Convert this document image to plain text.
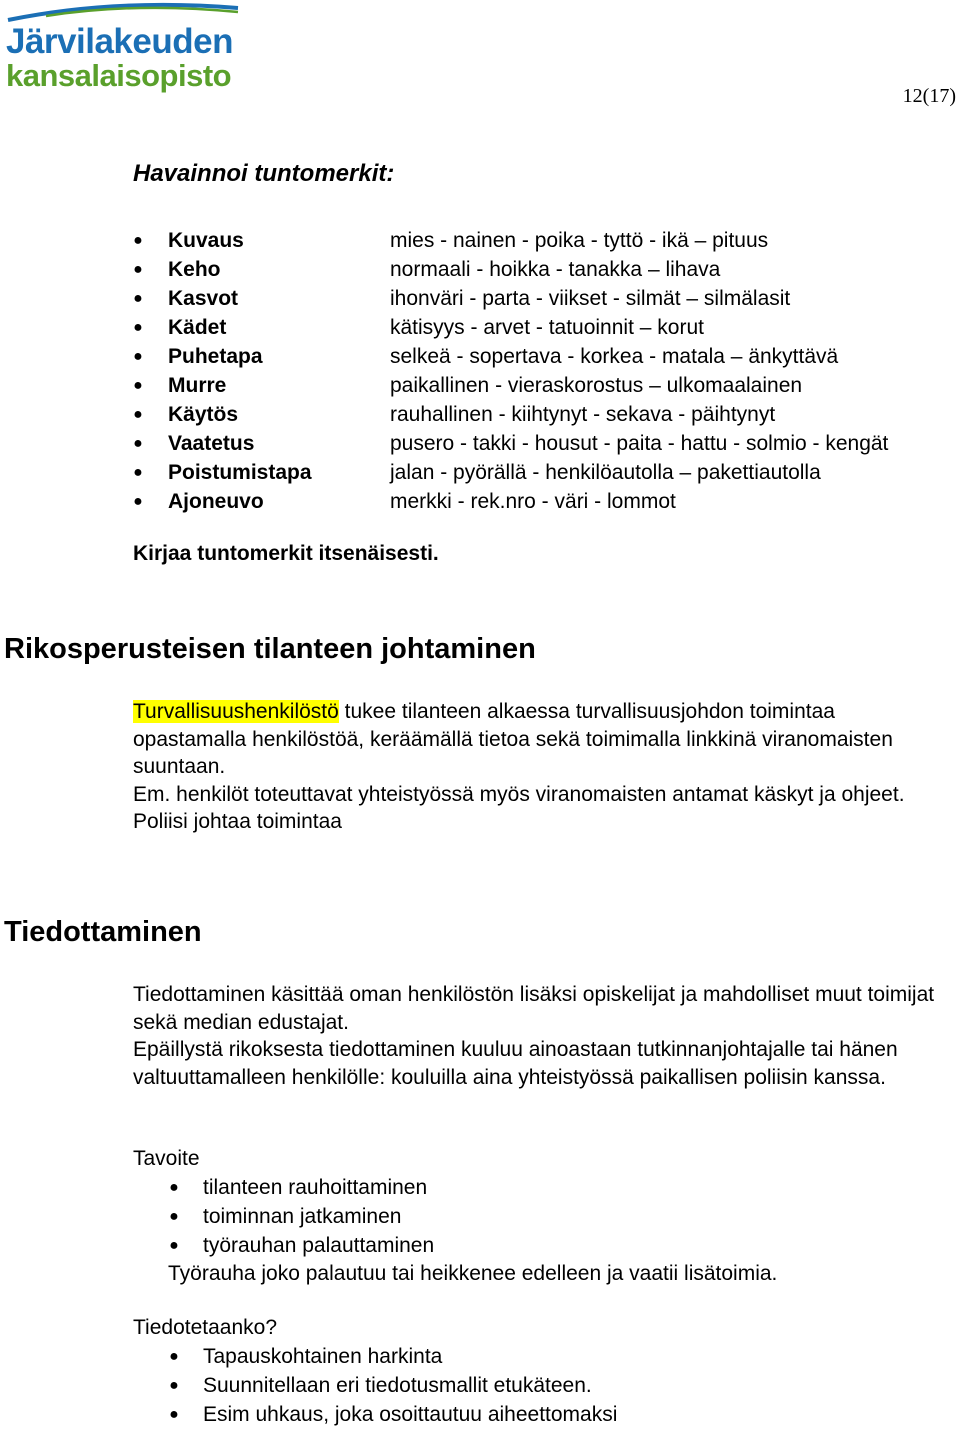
Järvilakeuden
kansalaisopisto
12(17)
Havainnoi tuntomerkit:
● Kuvaus	mies - nainen - poika - tyttö - ikä – pituus
● Keho	normaali - hoikka - tanakka – lihava
● Kasvot	ihonväri - parta - viikset - silmät – silmälasit
● Kädet	kätisyys - arvet - tatuoinnit – korut
● Puhetapa	selkeä - sopertava - korkea - matala – änkyttävä
● Murre	paikallinen - vieraskorostus – ulkomaalainen
● Käytös	rauhallinen - kiihtynyt - sekava - päihtynyt
● Vaatetus	pusero - takki - housut - paita - hattu - solmio - kengät
● Poistumistapa	jalan - pyörällä - henkilöautolla – pakettiautolla
● Ajoneuvo	merkki - rek.nro - väri - lommot
Kirjaa tuntomerkit itsenäisesti.
Rikosperusteisen tilanteen johtaminen

Turvallisuushenkilöstö tukee tilanteen alkaessa turvallisuusjohdon toimintaa opastamalla henkilöstöä, keräämällä tietoa sekä toimimalla linkkinä viranomaisten suuntaan.

Em. henkilöt toteuttavat yhteistyössä myös viranomaisten antamat käskyt ja ohjeet.

Poliisi johtaa toimintaa

Tiedottaminen

Tiedottaminen käsittää oman henkilöstön lisäksi opiskelijat ja mahdolliset muut toimijat sekä median edustajat.

Epäillystä rikoksesta tiedottaminen kuuluu ainoastaan tutkinnanjohtajalle tai hänen valtuuttamalleen henkilölle: kouluilla aina yhteistyössä paikallisen poliisin kanssa.

Tavoite
● tilanteen rauhoittaminen
● toiminnan jatkaminen
● työrauhan palauttaminen
Työrauha joko palautuu tai heikkenee edelleen ja vaatii lisätoimia.
Tiedotetaanko?
● Tapauskohtainen harkinta
● Suunnitellaan eri tiedotusmallit etukäteen.
● Esim uhkaus, joka osoittautuu aiheettomaksi
